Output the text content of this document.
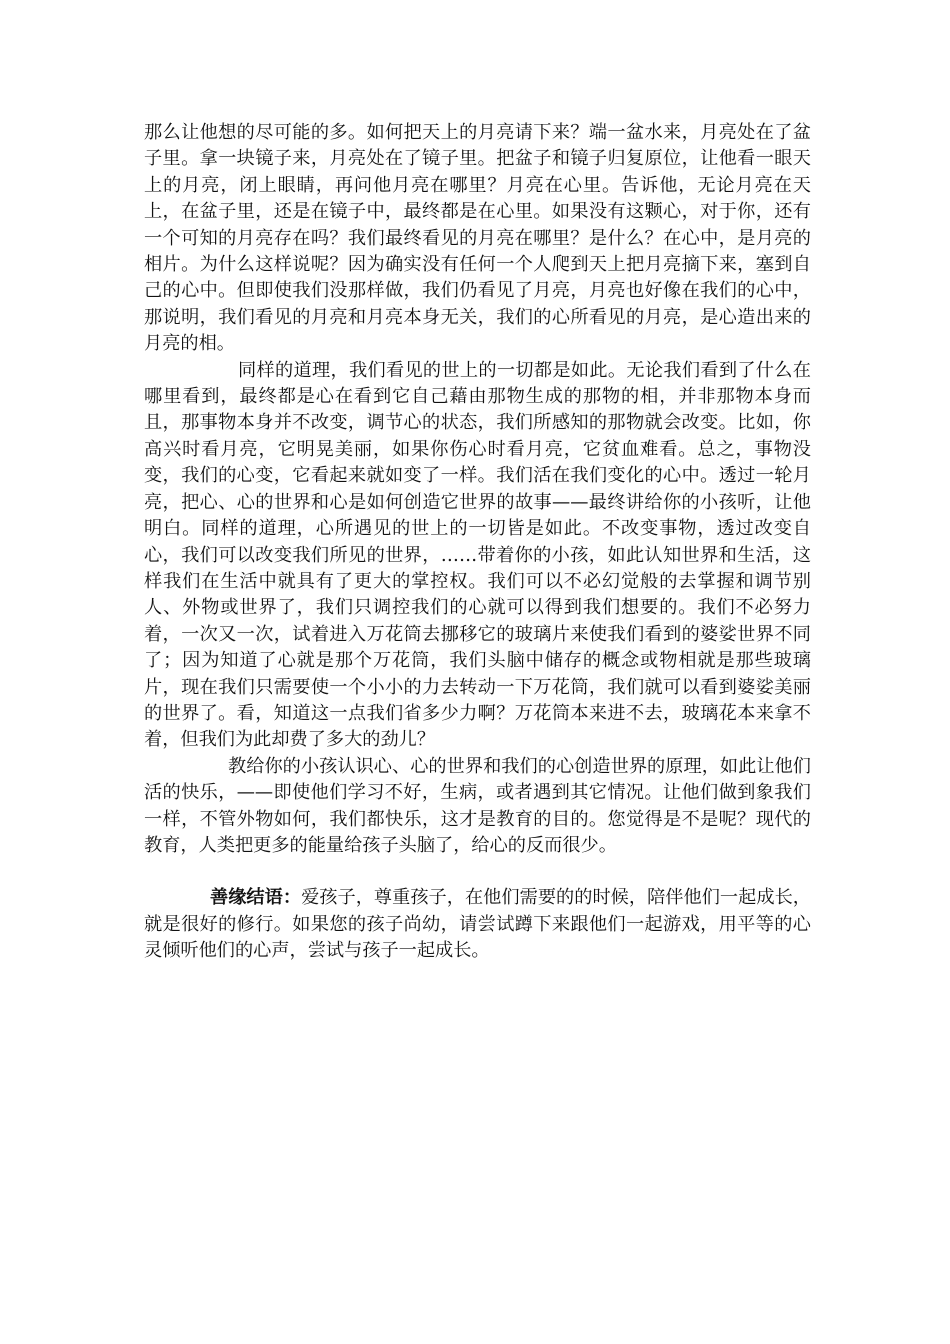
那么让他想的尽可能的多。如何把天上的月亮请下来？端一盆水来，月亮处在了盆子里。拿一块镜子来，月亮处在了镜子里。把盆子和镜子归复原位，让他看一眼天上的月亮，闭上眼睛，再问他月亮在哪里？月亮在心里。告诉他，无论月亮在天上，在盆子里，还是在镜子中，最终都是在心里。如果没有这颗心，对于你，还有一个可知的月亮存在吗？我们最终看见的月亮在哪里？是什么？在心中，是月亮的相片。为什么这样说呢？因为确实没有任何一个人爬到天上把月亮摘下来，塞到自己的心中。但即使我们没那样做，我们仍看见了月亮，月亮也好像在我们的心中，那说明，我们看见的月亮和月亮本身无关，我们的心所看见的月亮，是心造出来的月亮的相。

同样的道理，我们看见的世上的一切都是如此。无论我们看到了什么在哪里看到，最终都是心在看到它自己藉由那物生成的那物的相，并非那物本身而且，那事物本身并不改变，调节心的状态，我们所感知的那物就会改变。比如，你高兴时看月亮，它明晃美丽，如果你伤心时看月亮，它贫血难看。总之，事物没变，我们的心变，它看起来就如变了一样。我们活在我们变化的心中。透过一轮月亮，把心、心的世界和心是如何创造它世界的故事——最终讲给你的小孩听，让他明白。同样的道理，心所遇见的世上的一切皆是如此。不改变事物，透过改变自心，我们可以改变我们所见的世界，……带着你的小孩，如此认知世界和生活，这样我们在生活中就具有了更大的掌控权。我们可以不必幻觉般的去掌握和调节别人、外物或世界了，我们只调控我们的心就可以得到我们想要的。我们不必努力着，一次又一次，试着进入万花筒去挪移它的玻璃片来使我们看到的婆娑世界不同了；因为知道了心就是那个万花筒，我们头脑中储存的概念或物相就是那些玻璃片，现在我们只需要使一个小小的力去转动一下万花筒，我们就可以看到婆娑美丽的世界了。看，知道这一点我们省多少力啊？万花筒本来进不去，玻璃花本来拿不着，但我们为此却费了多大的劲儿？

教给你的小孩认识心、心的世界和我们的心创造世界的原理，如此让他们活的快乐，——即使他们学习不好，生病，或者遇到其它情况。让他们做到象我们一样，不管外物如何，我们都快乐，这才是教育的目的。您觉得是不是呢？现代的教育，人类把更多的能量给孩子头脑了，给心的反而很少。

善缘结语：爱孩子，尊重孩子，在他们需要的的时候，陪伴他们一起成长，就是很好的修行。如果您的孩子尚幼，请尝试蹲下来跟他们一起游戏，用平等的心灵倾听他们的心声，尝试与孩子一起成长。
